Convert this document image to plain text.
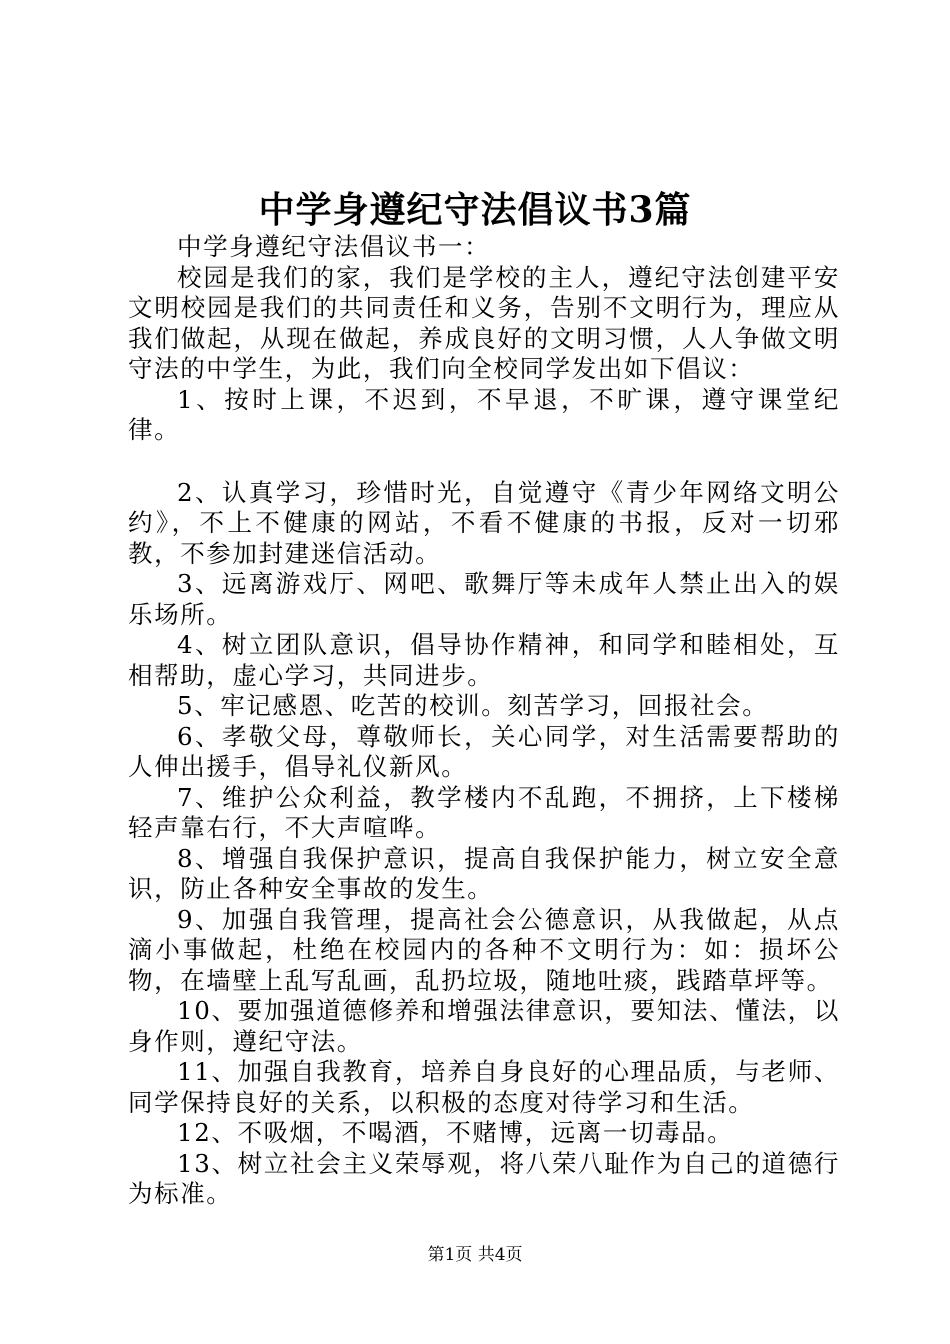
中学身遵纪守法倡议书3篇

中学身遵纪守法倡议书一：

校园是我们的家，我们是学校的主人，遵纪守法创建平安文明校园是我们的共同责任和义务，告别不文明行为，理应从我们做起，从现在做起，养成良好的文明习惯，人人争做文明守法的中学生，为此，我们向全校同学发出如下倡议：

1、按时上课，不迟到，不早退，不旷课，遵守课堂纪律。

2、认真学习，珍惜时光，自觉遵守《青少年网络文明公约》，不上不健康的网站，不看不健康的书报，反对一切邪教，不参加封建迷信活动。

3、远离游戏厅、网吧、歌舞厅等未成年人禁止出入的娱乐场所。

4、树立团队意识，倡导协作精神，和同学和睦相处，互相帮助，虚心学习，共同进步。

5、牢记感恩、吃苦的校训。刻苦学习，回报社会。

6、孝敬父母，尊敬师长，关心同学，对生活需要帮助的人伸出援手，倡导礼仪新风。

7、维护公众利益，教学楼内不乱跑，不拥挤，上下楼梯轻声靠右行，不大声喧哗。

8、增强自我保护意识，提高自我保护能力，树立安全意识，防止各种安全事故的发生。

9、加强自我管理，提高社会公德意识，从我做起，从点滴小事做起，杜绝在校园内的各种不文明行为：如：损坏公物，在墙壁上乱写乱画，乱扔垃圾，随地吐痰，践踏草坪等。

10、要加强道德修养和增强法律意识，要知法、懂法，以身作则，遵纪守法。

11、加强自我教育，培养自身良好的心理品质，与老师、同学保持良好的关系，以积极的态度对待学习和生活。

12、不吸烟，不喝酒，不赌博，远离一切毒品。

13、树立社会主义荣辱观，将八荣八耻作为自己的道德行为标准。

第1页 共4页
